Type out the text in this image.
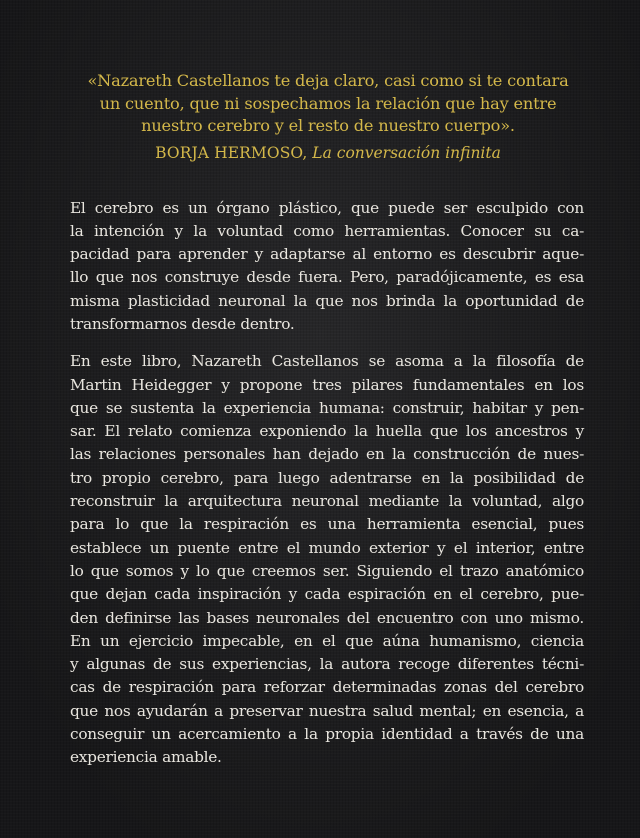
«Nazareth Castellanos te deja claro, casi como si te contara
un cuento, que ni sospechamos la relación que hay entre
nuestro cerebro y el resto de nuestro cuerpo».

BORJA HERMOSO, La conversación infinita

El cerebro es un órgano plástico, que puede ser esculpido con
la intención y la voluntad como herramientas. Conocer su ca-
pacidad para aprender y adaptarse al entorno es descubrir aque-
llo que nos construye desde fuera. Pero, paradójicamente, es esa
misma plasticidad neuronal la que nos brinda la oportunidad de
transformarnos desde dentro.

En este libro, Nazareth Castellanos se asoma a la filosofía de
Martin Heidegger y propone tres pilares fundamentales en los
que se sustenta la experiencia humana: construir, habitar y pen-
sar. El relato comienza exponiendo la huella que los ancestros y
las relaciones personales han dejado en la construcción de nues-
tro propio cerebro, para luego adentrarse en la posibilidad de
reconstruir la arquitectura neuronal mediante la voluntad, algo
para lo que la respiración es una herramienta esencial, pues
establece un puente entre el mundo exterior y el interior, entre
lo que somos y lo que creemos ser. Siguiendo el trazo anatómico
que dejan cada inspiración y cada espiración en el cerebro, pue-
den definirse las bases neuronales del encuentro con uno mismo.
En un ejercicio impecable, en el que aúna humanismo, ciencia
y algunas de sus experiencias, la autora recoge diferentes técni-
cas de respiración para reforzar determinadas zonas del cerebro
que nos ayudarán a preservar nuestra salud mental; en esencia, a
conseguir un acercamiento a la propia identidad a través de una
experiencia amable.
